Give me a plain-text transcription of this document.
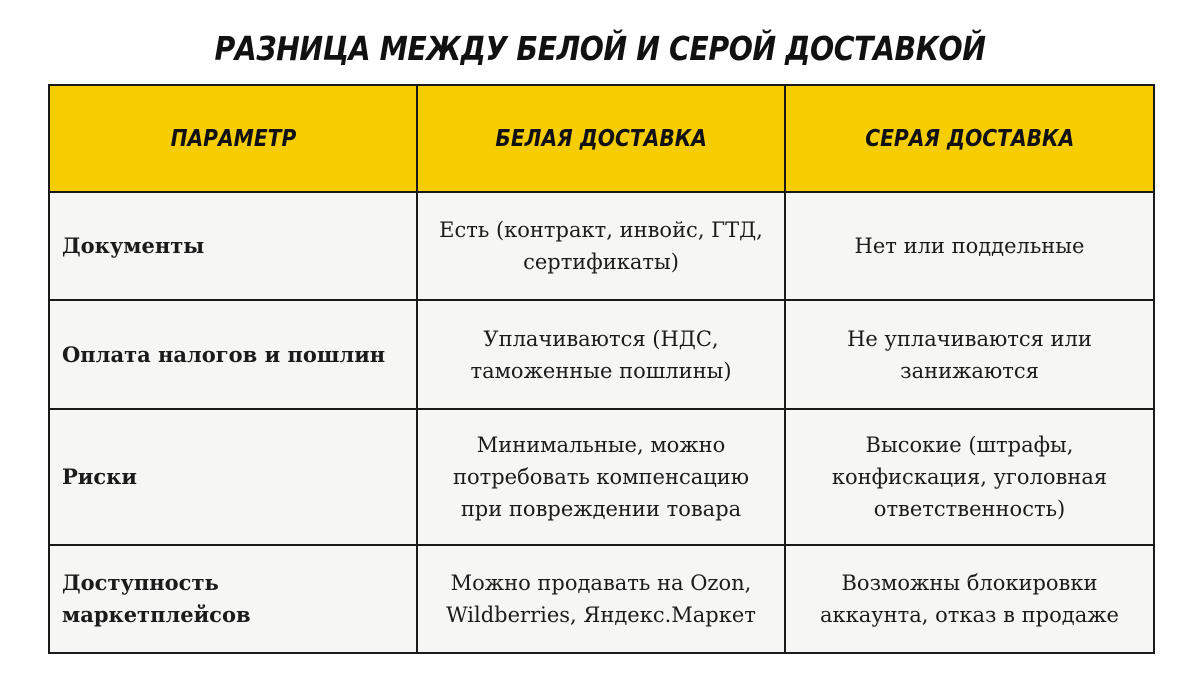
РАЗНИЦА МЕЖДУ БЕЛОЙ И СЕРОЙ ДОСТАВКОЙ
ПАРАМЕТР	БЕЛАЯ ДОСТАВКА	СЕРАЯ ДОСТАВКА
Документы	Есть (контракт, инвойс, ГТД, сертификаты)	Нет или поддельные
Оплата налогов и пошлин	Уплачиваются (НДС, таможенные пошлины)	Не уплачиваются или занижаются
Риски	Минимальные, можно потребовать компенсацию при повреждении товара	Высокие (штрафы, конфискация, уголовная ответственность)
Доступность маркетплейсов	Можно продавать на Ozon, Wildberries, Яндекс.Маркет	Возможны блокировки аккаунта, отказ в продаже
